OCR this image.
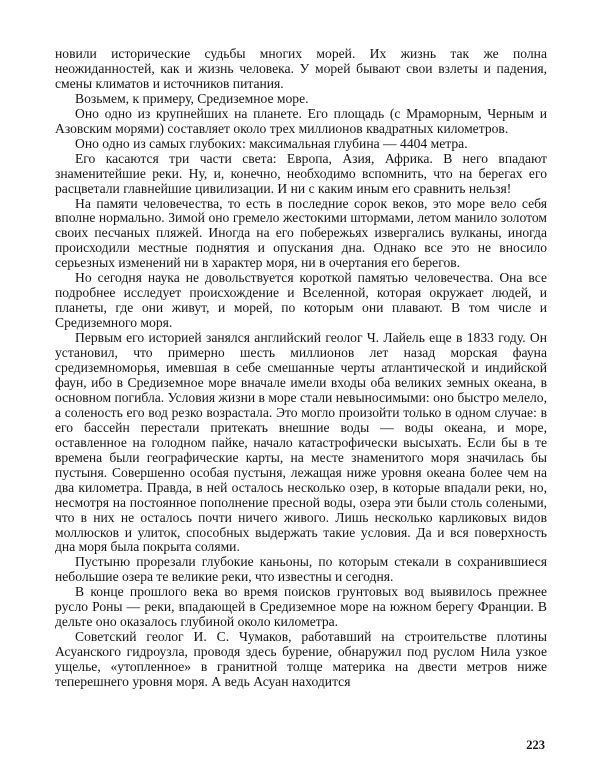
новили исторические судьбы многих морей. Их жизнь так же полна неожиданностей, как и жизнь человека. У морей бывают свои взлеты и падения, смены климатов и источников питания.

Возьмем, к примеру, Средиземное море.

Оно одно из крупнейших на планете. Его площадь (с Мраморным, Черным и Азовским морями) составляет около трех миллионов квадратных километров.

Оно одно из самых глубоких: максимальная глубина — 4404 метра.

Его касаются три части света: Европа, Азия, Африка. В него впадают знаменитейшие реки. Ну, и, конечно, необходимо вспомнить, что на берегах его расцветали главнейшие цивилизации. И ни с каким иным его сравнить нельзя!

На памяти человечества, то есть в последние сорок веков, это море вело себя вполне нормально. Зимой оно гремело жестокими штормами, летом манило золотом своих песчаных пляжей. Иногда на его побережьях извергались вулканы, иногда происходили местные поднятия и опускания дна. Однако все это не вносило серьезных изменений ни в характер моря, ни в очертания его берегов.

Но сегодня наука не довольствуется короткой памятью человечества. Она все подробнее исследует происхождение и Вселенной, которая окружает людей, и планеты, где они живут, и морей, по которым они плавают. В том числе и Средиземного моря.

Первым его историей занялся английский геолог Ч. Лайель еще в 1833 году. Он установил, что примерно шесть миллионов лет назад морская фауна средиземноморья, имевшая в себе смешанные черты атлантической и индийской фаун, ибо в Средиземное море вначале имели входы оба великих земных океана, в основном погибла. Условия жизни в море стали невыносимыми: оно быстро мелело, а соленость его вод резко возрастала. Это могло произойти только в одном случае: в его бассейн перестали притекать внешние воды — воды океана, и море, оставленное на голодном пайке, начало катастрофически высыхать. Если бы в те времена были географические карты, на месте знаменитого моря значилась бы пустыня. Совершенно особая пустыня, лежащая ниже уровня океана более чем на два километра. Правда, в ней осталось несколько озер, в которые впадали реки, но, несмотря на постоянное пополнение пресной воды, озера эти были столь солеными, что в них не осталось почти ничего живого. Лишь несколько карликовых видов моллюсков и улиток, способных выдержать такие условия. Да и вся поверхность дна моря была покрыта солями.

Пустыню прорезали глубокие каньоны, по которым стекали в сохранившиеся небольшие озера те великие реки, что известны и сегодня.

В конце прошлого века во время поисков грунтовых вод выявилось прежнее русло Роны — реки, впадающей в Средиземное море на южном берегу Франции. В дельте оно оказалось глубиной около километра.

Советский геолог И. С. Чумаков, работавший на строительстве плотины Асуанского гидроузла, проводя здесь бурение, обнаружил под руслом Нила узкое ущелье, «утопленное» в гранитной толще материка на двести метров ниже теперешнего уровня моря. А ведь Асуан находится

223
